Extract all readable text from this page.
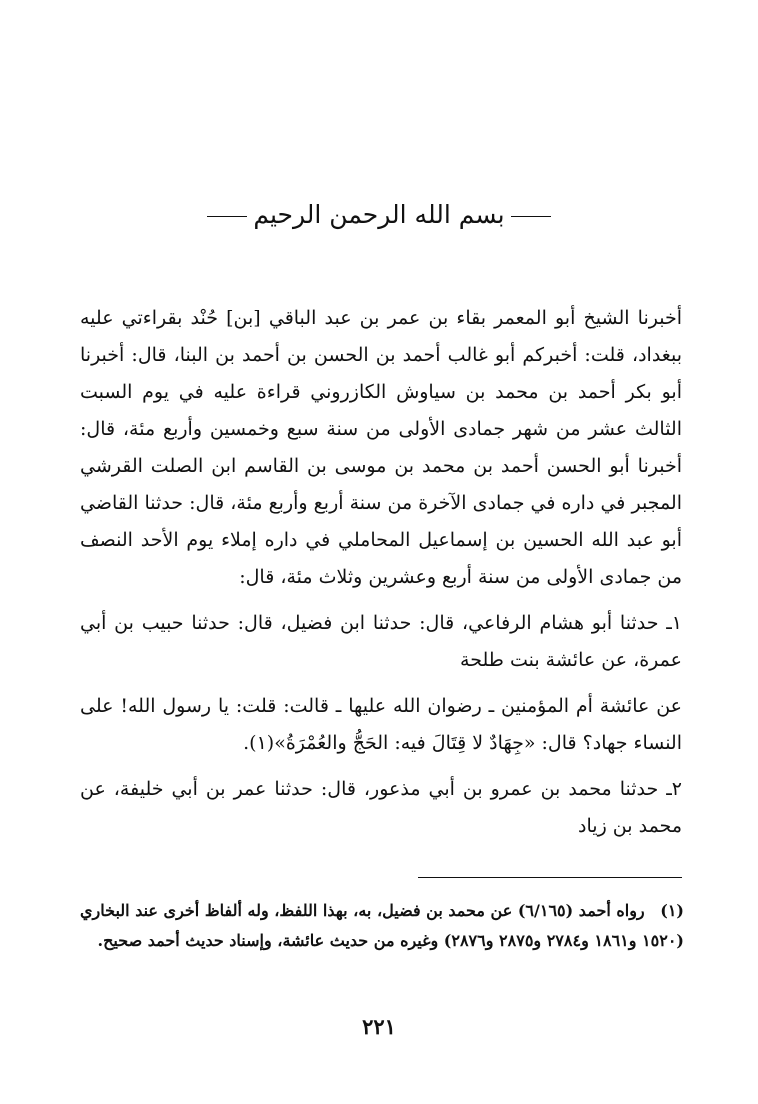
بسم الله الرحمن الرحيم

أخبرنا الشيخ أبو المعمر بقاء بن عمر بن عبد الباقي [بن] حُنْد بقراءتي عليه ببغداد، قلت: أخبركم أبو غالب أحمد بن الحسن بن أحمد بن البنا، قال: أخبرنا أبو بكر أحمد بن محمد بن سياوش الكازروني قراءة عليه في يوم السبت الثالث عشر من شهر جمادى الأولى من سنة سبع وخمسين وأربع مئة، قال: أخبرنا أبو الحسن أحمد بن محمد بن موسى بن القاسم ابن الصلت القرشي المجبر في داره في جمادى الآخرة من سنة أربع وأربع مئة، قال: حدثنا القاضي أبو عبد الله الحسين بن إسماعيل المحاملي في داره إملاء يوم الأحد النصف من جمادى الأولى من سنة أربع وعشرين وثلاث مئة، قال:

١ـ حدثنا أبو هشام الرفاعي، قال: حدثنا ابن فضيل، قال: حدثنا حبيب بن أبي عمرة، عن عائشة بنت طلحة

عن عائشة أم المؤمنين ـ رضوان الله عليها ـ قالت: قلت: يا رسول الله! على النساء جهاد؟ قال: «جِهَادٌ لا قِتَالَ فيه: الحَجُّ والعُمْرَةُ»(١).

٢ـ حدثنا محمد بن عمرو بن أبي مذعور، قال: حدثنا عمر بن أبي خليفة، عن محمد بن زياد

(١) رواه أحمد (٦/١٦٥) عن محمد بن فضيل، به، بهذا اللفظ، وله ألفاظ أخرى عند البخاري (١٥٢٠ و١٨٦١ و٢٧٨٤ و٢٨٧٥ و٢٨٧٦) وغيره من حديث عائشة، وإسناد حديث أحمد صحيح.
٢٢١
